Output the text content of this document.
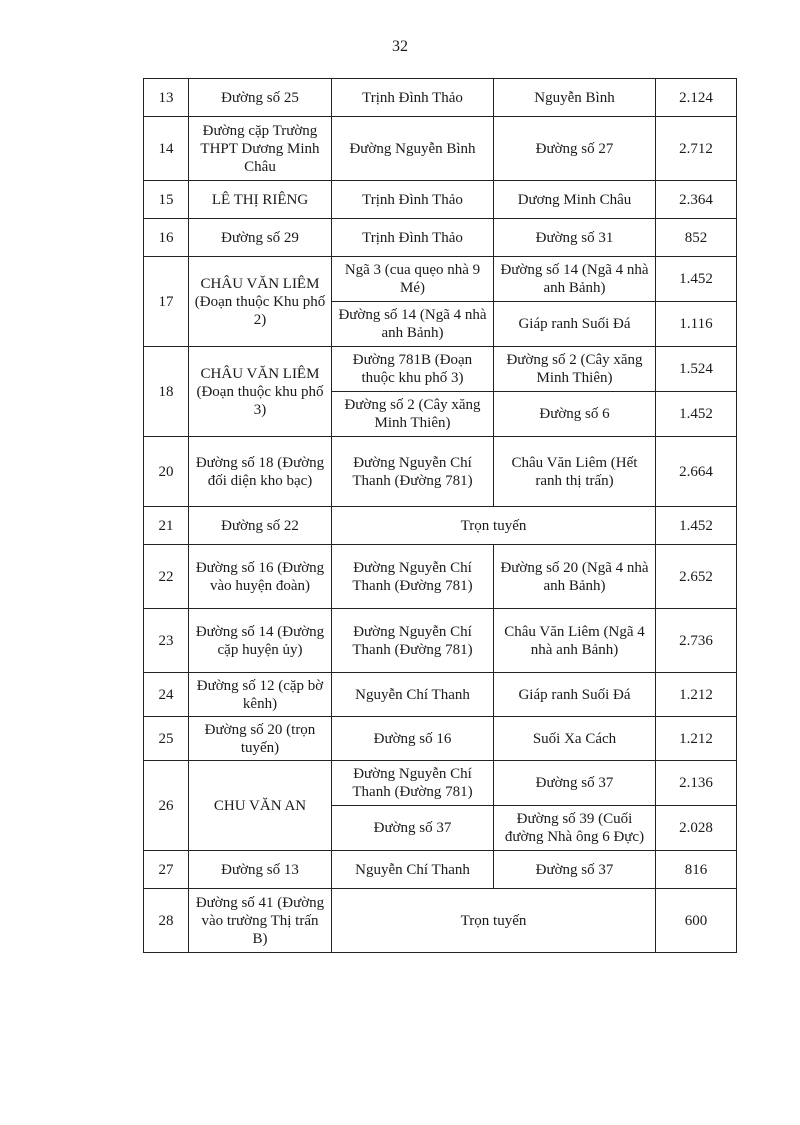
32
13	Đường số 25	Trịnh Đình Thảo	Nguyễn Bình	2.124
14	Đường cặp Trường THPT Dương Minh Châu	Đường Nguyễn Bình	Đường số 27	2.712
15	LÊ THỊ RIÊNG	Trịnh Đình Thảo	Dương Minh Châu	2.364
16	Đường số 29	Trịnh Đình Thảo	Đường số 31	852
17	CHÂU VĂN LIÊM (Đoạn thuộc Khu phố 2)	Ngã 3 (cua quẹo nhà 9 Mé)	Đường số 14 (Ngã 4 nhà anh Bảnh)	1.452
		Đường số 14 (Ngã 4 nhà anh Bảnh)	Giáp ranh Suối Đá	1.116
18	CHÂU VĂN LIÊM (Đoạn thuộc khu phố 3)	Đường 781B (Đoạn thuộc khu phố 3)	Đường số 2 (Cây xăng Minh Thiên)	1.524
		Đường số 2 (Cây xăng Minh Thiên)	Đường số 6	1.452
20	Đường số 18 (Đường đối diện kho bạc)	Đường Nguyễn Chí Thanh (Đường 781)	Châu Văn Liêm (Hết ranh thị trấn)	2.664
21	Đường số 22	Trọn tuyến		1.452
22	Đường số 16 (Đường vào huyện đoàn)	Đường Nguyễn Chí Thanh (Đường 781)	Đường số 20 (Ngã 4 nhà anh Bảnh)	2.652
23	Đường số 14 (Đường cặp huyện ủy)	Đường Nguyễn Chí Thanh (Đường 781)	Châu Văn Liêm (Ngã 4 nhà anh Bảnh)	2.736
24	Đường số 12 (cặp bờ kênh)	Nguyễn Chí Thanh	Giáp ranh Suối Đá	1.212
25	Đường số 20 (trọn tuyến)	Đường số 16	Suối Xa Cách	1.212
26	CHU VĂN AN	Đường Nguyễn Chí Thanh (Đường 781)	Đường số 37	2.136
		Đường số 37	Đường số 39 (Cuối đường Nhà ông 6 Đực)	2.028
27	Đường số 13	Nguyễn Chí Thanh	Đường số 37	816
28	Đường số 41 (Đường vào trường Thị trấn B)	Trọn tuyến		600
